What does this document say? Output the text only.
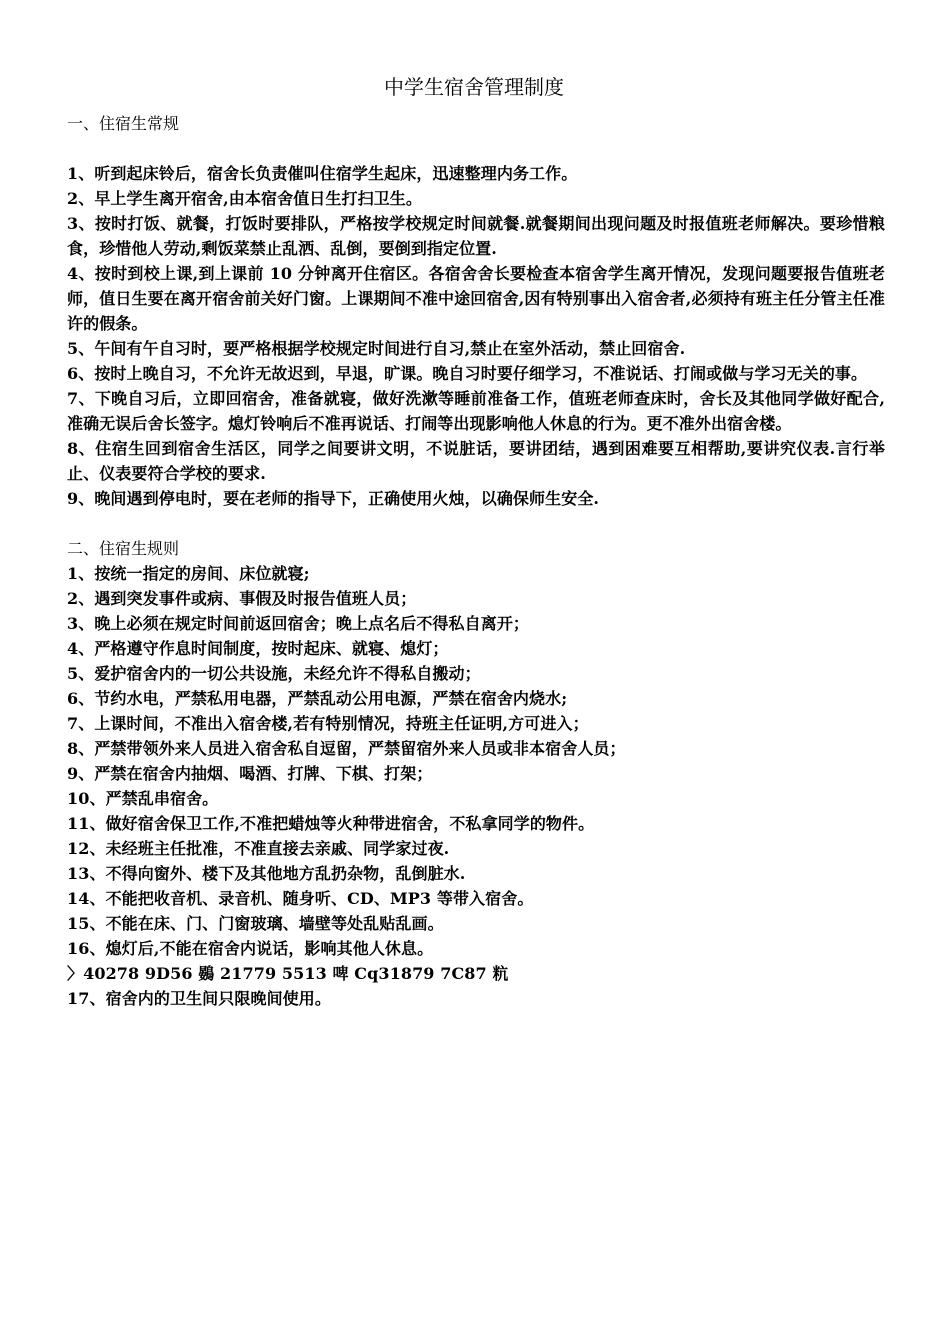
中学生宿舍管理制度
一、住宿生常规
1、听到起床铃后，宿舍长负责催叫住宿学生起床，迅速整理内务工作。
2、早上学生离开宿舍,由本宿舍值日生打扫卫生。
3、按时打饭、就餐，打饭时要排队，严格按学校规定时间就餐.就餐期间出现问题及时报值班老师解决。要珍惜粮食，珍惜他人劳动,剩饭菜禁止乱洒、乱倒，要倒到指定位置.
4、按时到校上课,到上课前 10 分钟离开住宿区。各宿舍舍长要检查本宿舍学生离开情况，发现问题要报告值班老师，值日生要在离开宿舍前关好门窗。上课期间不准中途回宿舍,因有特别事出入宿舍者,必须持有班主任分管主任准许的假条。
5、午间有午自习时，要严格根据学校规定时间进行自习,禁止在室外活动，禁止回宿舍.
6、按时上晚自习，不允许无故迟到，早退，旷课。晚自习时要仔细学习，不准说话、打闹或做与学习无关的事。
7、下晚自习后，立即回宿舍，准备就寝，做好洗漱等睡前准备工作，值班老师查床时，舍长及其他同学做好配合,准确无误后舍长签字。熄灯铃响后不准再说话、打闹等出现影响他人休息的行为。更不准外出宿舍楼。
8、住宿生回到宿舍生活区，同学之间要讲文明，不说脏话，要讲团结，遇到困难要互相帮助,要讲究仪表.言行举止、仪表要符合学校的要求.
9、晚间遇到停电时，要在老师的指导下，正确使用火烛，以确保师生安全.
二、住宿生规则
1、按统一指定的房间、床位就寝;
2、遇到突发事件或病、事假及时报告值班人员；
3、晚上必须在规定时间前返回宿舍；晚上点名后不得私自离开；
4、严格遵守作息时间制度，按时起床、就寝、熄灯；
5、爱护宿舍内的一切公共设施，未经允许不得私自搬动；
6、节约水电，严禁私用电器，严禁乱动公用电源，严禁在宿舍内烧水;
7、上课时间，不准出入宿舍楼,若有特别情况，持班主任证明,方可进入；
8、严禁带领外来人员进入宿舍私自逗留，严禁留宿外来人员或非本宿舍人员；
9、严禁在宿舍内抽烟、喝酒、打牌、下棋、打架；
10、严禁乱串宿舍。
11、做好宿舍保卫工作,不准把蜡烛等火种带进宿舍，不私拿同学的物件。
12、未经班主任批准，不准直接去亲戚、同学家过夜.
13、不得向窗外、楼下及其他地方乱扔杂物，乱倒脏水.
14、不能把收音机、录音机、随身听、CD、MP3 等带入宿舍。
15、不能在床、门、门窗玻璃、墙壁等处乱贴乱画。
16、熄灯后,不能在宿舍内说话，影响其他人休息。
〉40278 9D56 鷃 21779 5513 啤 Cq31879 7C87 粇
17、宿舍内的卫生间只限晚间使用。
